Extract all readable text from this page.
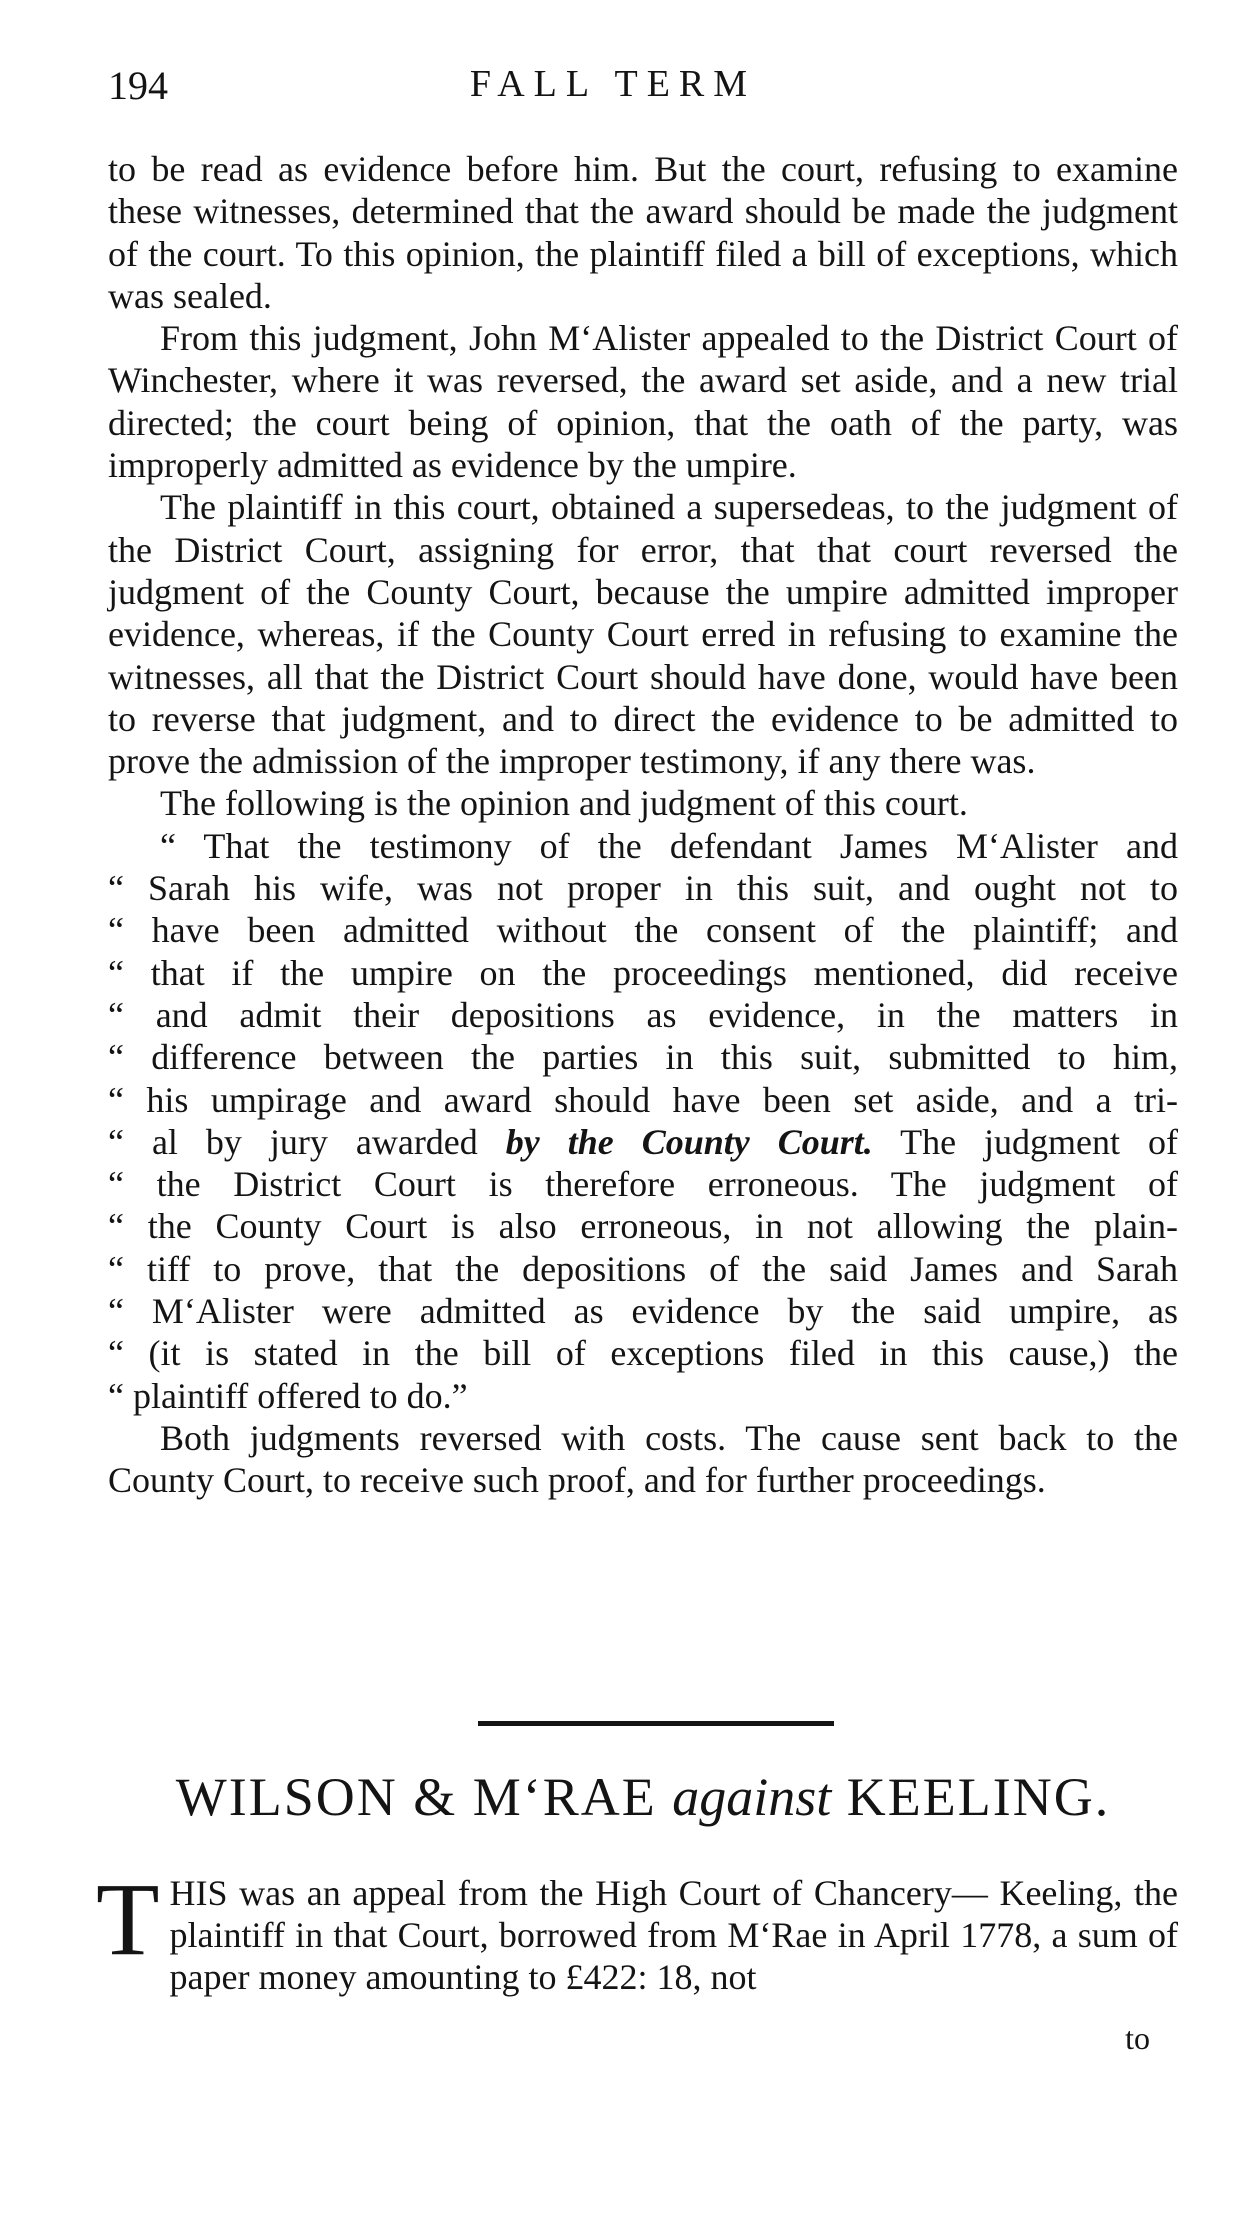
194	FALL TERM

to be read as evidence before him. But the court, refusing to examine these witnesses, determined that the award should be made the judgment of the court. To this opinion, the plaintiff filed a bill of exceptions, which was sealed.

From this judgment, John M‘Alister appealed to the District Court of Winchester, where it was reversed, the award set aside, and a new trial directed; the court being of opinion, that the oath of the party, was improperly admitted as evidence by the umpire.

The plaintiff in this court, obtained a supersedeas, to the judgment of the District Court, assigning for error, that that court reversed the judgment of the County Court, because the umpire admitted improper evidence, whereas, if the County Court erred in refusing to examine the witnesses, all that the District Court should have done, would have been to reverse that judgment, and to direct the evidence to be admitted to prove the admission of the improper testimony, if any there was.

The following is the opinion and judgment of this court.

“ That the testimony of the defendant James M‘Alister and
“ Sarah his wife, was not proper in this suit, and ought not to
“ have been admitted without the consent of the plaintiff; and
“ that if the umpire on the proceedings mentioned, did receive
“ and admit their depositions as evidence, in the matters in
“ difference between the parties in this suit, submitted to him,
“ his umpirage and award should have been set aside, and a tri-
“ al by jury awarded by the County Court. The judgment of
“ the District Court is therefore erroneous. The judgment of
“ the County Court is also erroneous, in not allowing the plain-
“ tiff to prove, that the depositions of the said James and Sarah
“ M‘Alister were admitted as evidence by the said umpire, as
“ (it is stated in the bill of exceptions filed in this cause,) the
“ plaintiff offered to do.”

Both judgments reversed with costs. The cause sent back to the County Court, to receive such proof, and for further proceedings.

WILSON & M‘RAE against KEELING.
THIS was an appeal from the High Court of Chancery— Keeling, the plaintiff in that Court, borrowed from M‘Rae in April 1778, a sum of paper money amounting to £422: 18, not
to
